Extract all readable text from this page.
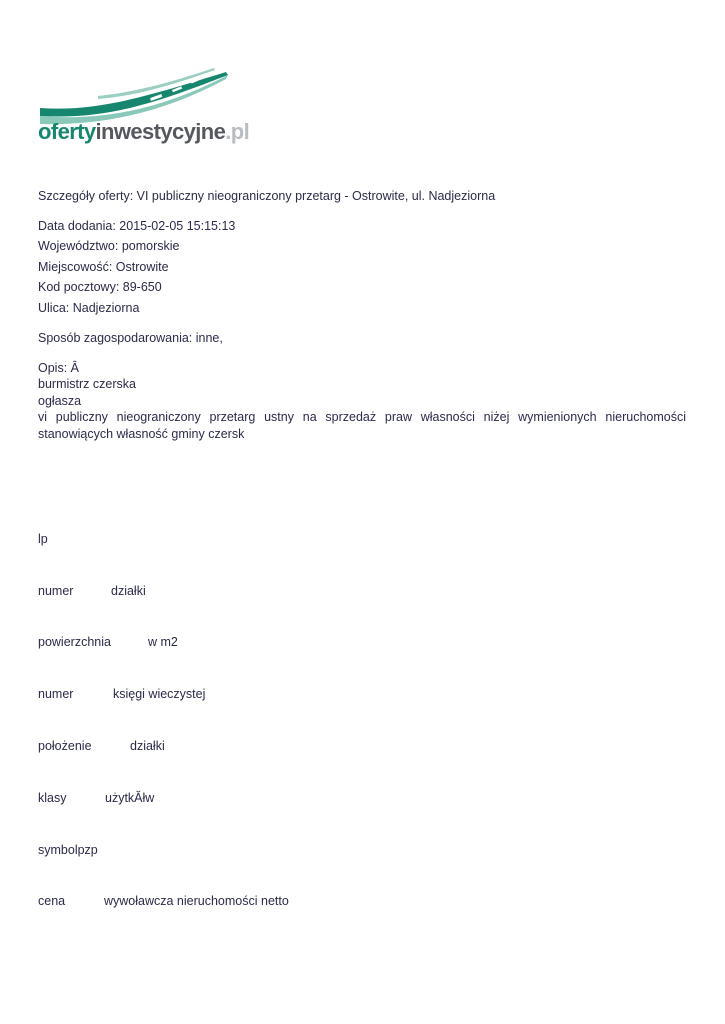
ofertyinwestycyjne.pl
Szczegóły oferty: VI publiczny nieograniczony przetarg - Ostrowite, ul. Nadjeziorna
Data dodania: 2015-02-05 15:15:13
Województwo: pomorskie
Miejscowość: Ostrowite
Kod pocztowy: 89-650
Ulica: Nadjeziorna
Sposób zagospodarowania: inne,
Opis: Â
burmistrz czerska
ogłasza
vi publiczny nieograniczony przetarg ustny na sprzedaż praw własności niżej wymienionych nieruchomości stanowiących własność gminy czersk
lp
numer	działki
powierzchnia	w m2
numer	księgi wieczystej
położenie	działki
klasy	użytkĂłw
symbolpzp
cena	wywoławcza nieruchomości netto
